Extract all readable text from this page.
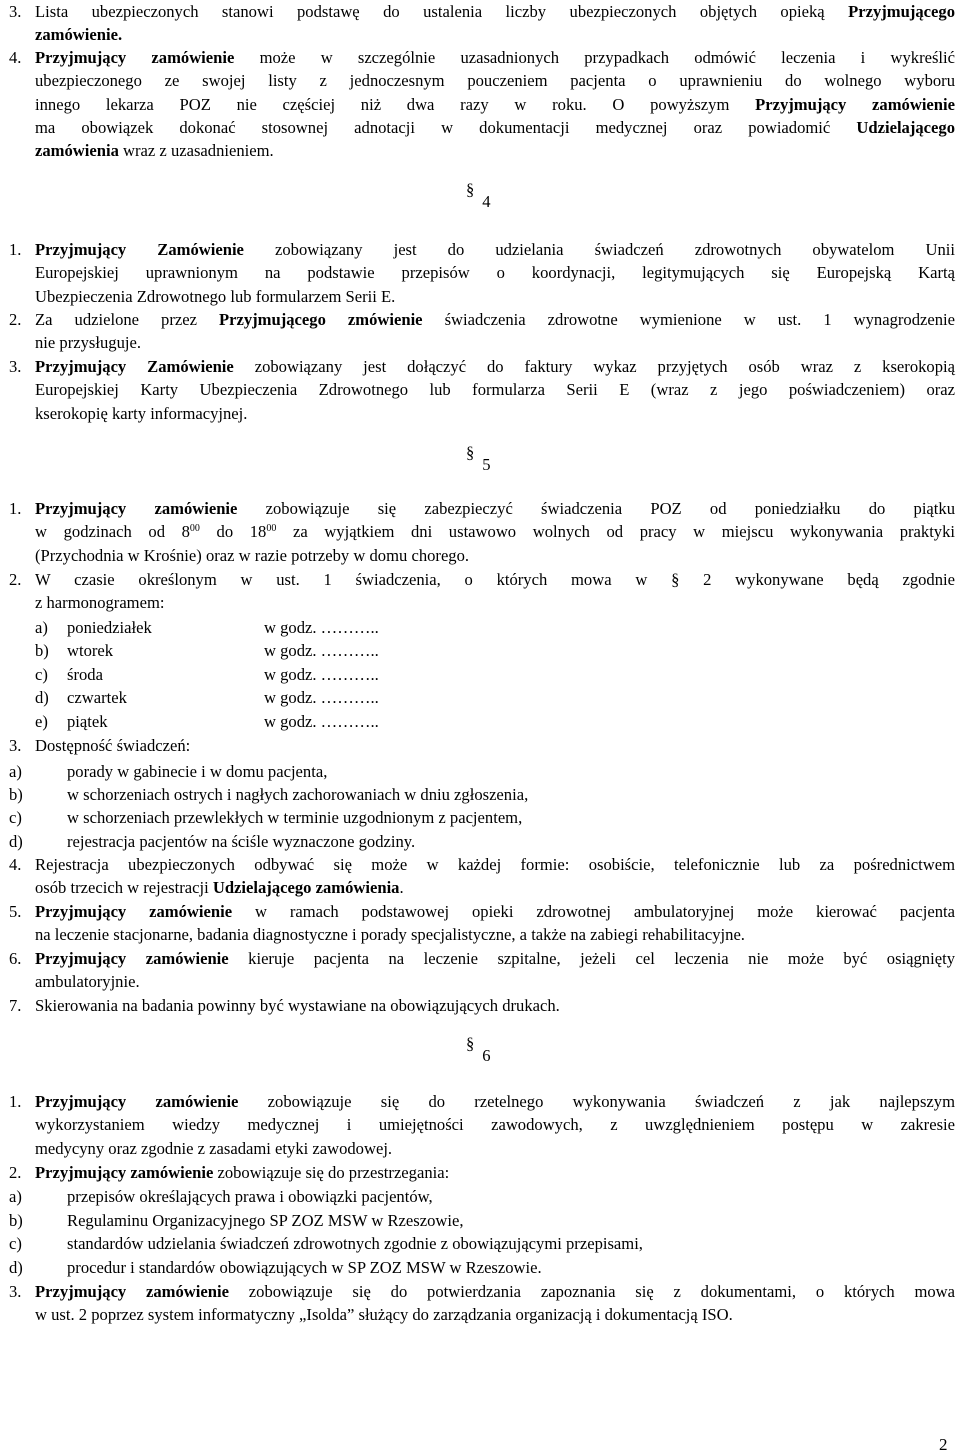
3. Lista ubezpieczonych stanowi podstawę do ustalenia liczby ubezpieczonych objętych opieką Przyjmującego
zamówienie.
4. Przyjmujący zamówienie może w szczególnie uzasadnionych przypadkach odmówić leczenia i wykreślić
ubezpieczonego ze swojej listy z jednoczesnym pouczeniem pacjenta o uprawnieniu do wolnego wyboru
innego lekarza POZ nie częściej niż dwa razy w roku. O powyższym Przyjmujący zamówienie
ma obowiązek dokonać stosownej adnotacji w dokumentacji medycznej oraz powiadomić Udzielającego
zamówienia wraz z uzasadnieniem.
§4
1. Przyjmujący Zamówienie zobowiązany jest do udzielania świadczeń zdrowotnych obywatelom Unii
Europejskiej uprawnionym na podstawie przepisów o koordynacji, legitymujących się Europejską Kartą
Ubezpieczenia Zdrowotnego lub formularzem Serii E.
2. Za udzielone przez Przyjmującego zmówienie świadczenia zdrowotne wymienione w ust. 1 wynagrodzenie
nie przysługuje.
3. Przyjmujący Zamówienie zobowiązany jest dołączyć do faktury wykaz przyjętych osób wraz z kserokopią
Europejskiej Karty Ubezpieczenia Zdrowotnego lub formularza Serii E (wraz z jego poświadczeniem) oraz
kserokopię karty informacyjnej.
§5
1. Przyjmujący zamówienie zobowiązuje się zabezpieczyć świadczenia POZ od poniedziałku do piątku
w godzinach od $8^{00}$ do $18^{00}$ za wyjątkiem dni ustawowo wolnych od pracy w miejscu wykonywania praktyki
(Przychodnia w Krośnie) oraz w razie potrzeby w domu chorego.
2. W czasie określonym w ust. 1 świadczenia, o których mowa w § 2 wykonywane będą zgodnie
z harmonogramem:
a) poniedziałek	w godz. ………..
b) wtorek	w godz. ………..
c) środa	w godz. ………..
d) czwartek	w godz. ………..
e) piątek	w godz. ………..
3. Dostępność świadczeń:
a)	porady w gabinecie i w domu pacjenta,
b)	w schorzeniach ostrych i nagłych zachorowaniach w dniu zgłoszenia,
c)	w schorzeniach przewlekłych w terminie uzgodnionym z pacjentem,
d)	rejestracja pacjentów na ściśle wyznaczone godziny.
4. Rejestracja ubezpieczonych odbywać się może w każdej formie: osobiście, telefonicznie lub za pośrednictwem
osób trzecich w rejestracji Udzielającego zamówienia.
5. Przyjmujący zamówienie w ramach podstawowej opieki zdrowotnej ambulatoryjnej może kierować pacjenta
na leczenie stacjonarne, badania diagnostyczne i porady specjalistyczne, a także na zabiegi rehabilitacyjne.
6. Przyjmujący zamówienie kieruje pacjenta na leczenie szpitalne, jeżeli cel leczenia nie może być osiągnięty
ambulatoryjnie.
7. Skierowania na badania powinny być wystawiane na obowiązujących drukach.
§6
1. Przyjmujący zamówienie zobowiązuje się do rzetelnego wykonywania świadczeń z jak najlepszym
wykorzystaniem wiedzy medycznej i umiejętności zawodowych, z uwzględnieniem postępu w zakresie
medycyny oraz zgodnie z zasadami etyki zawodowej.
2. Przyjmujący zamówienie zobowiązuje się do przestrzegania:
a)	przepisów określających prawa i obowiązki pacjentów,
b)	Regulaminu Organizacyjnego SP ZOZ MSW w Rzeszowie,
c)	standardów udzielania świadczeń zdrowotnych zgodnie z obowiązującymi przepisami,
d)	procedur i standardów obowiązujących w SP ZOZ MSW w Rzeszowie.
3. Przyjmujący zamówienie zobowiązuje się do potwierdzania zapoznania się z dokumentami, o których mowa
w ust. 2 poprzez system informatyczny „Isolda” służący do zarządzania organizacją i dokumentacją ISO.
2
